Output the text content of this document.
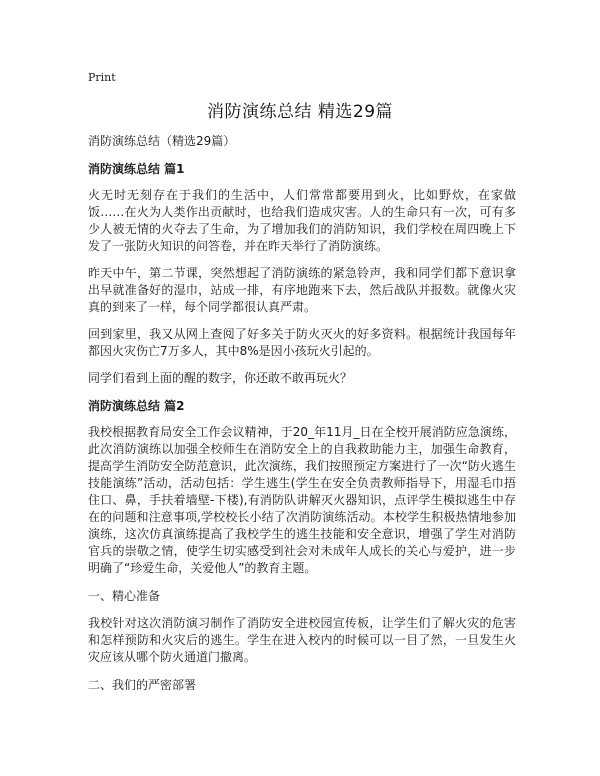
Print
消防演练总结 精选29篇
消防演练总结（精选29篇）
消防演练总结 篇1

火无时无刻存在于我们的生活中，人们常常都要用到火，比如野炊，在家做饭……在火为人类作出贡献时，也给我们造成灾害。人的生命只有一次，可有多少人被无情的火夺去了生命，为了增加我们的消防知识，我们学校在周四晚上下发了一张防火知识的问答卷，并在昨天举行了消防演练。

昨天中午，第二节课，突然想起了消防演练的紧急铃声，我和同学们都下意识拿出早就准备好的湿巾，站成一排，有序地跑来下去，然后战队并报数。就像火灾真的到来了一样，每个同学都很认真严肃。

回到家里，我又从网上查阅了好多关于防火灭火的好多资料。根据统计我国每年都因火灾伤亡7万多人，其中8%是因小孩玩火引起的。

同学们看到上面的醒的数字，你还敢不敢再玩火？

消防演练总结 篇2

我校根据教育局安全工作会议精神，于20_年11月_日在全校开展消防应急演练，此次消防演练以加强全校师生在消防安全上的自我救助能力主，加强生命教育，提高学生消防安全防范意识，此次演练，我们按照预定方案进行了一次“防火逃生技能演练”活动，活动包括：学生逃生(学生在安全负责教师指导下，用湿毛巾捂住口、鼻，手扶着墙壁-下楼),有消防队讲解灭火器知识，点评学生模拟逃生中存在的问题和注意事项,学校校长小结了次消防演练活动。本校学生积极热情地参加演练，这次仿真演练提高了我校学生的逃生技能和安全意识，增强了学生对消防官兵的崇敬之情，使学生切实感受到社会对未成年人成长的关心与爱护，进一步明确了“珍爱生命，关爱他人”的教育主题。

一、精心准备

我校针对这次消防演习制作了消防安全进校园宣传板，让学生们了解火灾的危害和怎样预防和火灾后的逃生。学生在进入校内的时候可以一目了然，一旦发生火灾应该从哪个防火通道门撤离。

二、我们的严密部署
